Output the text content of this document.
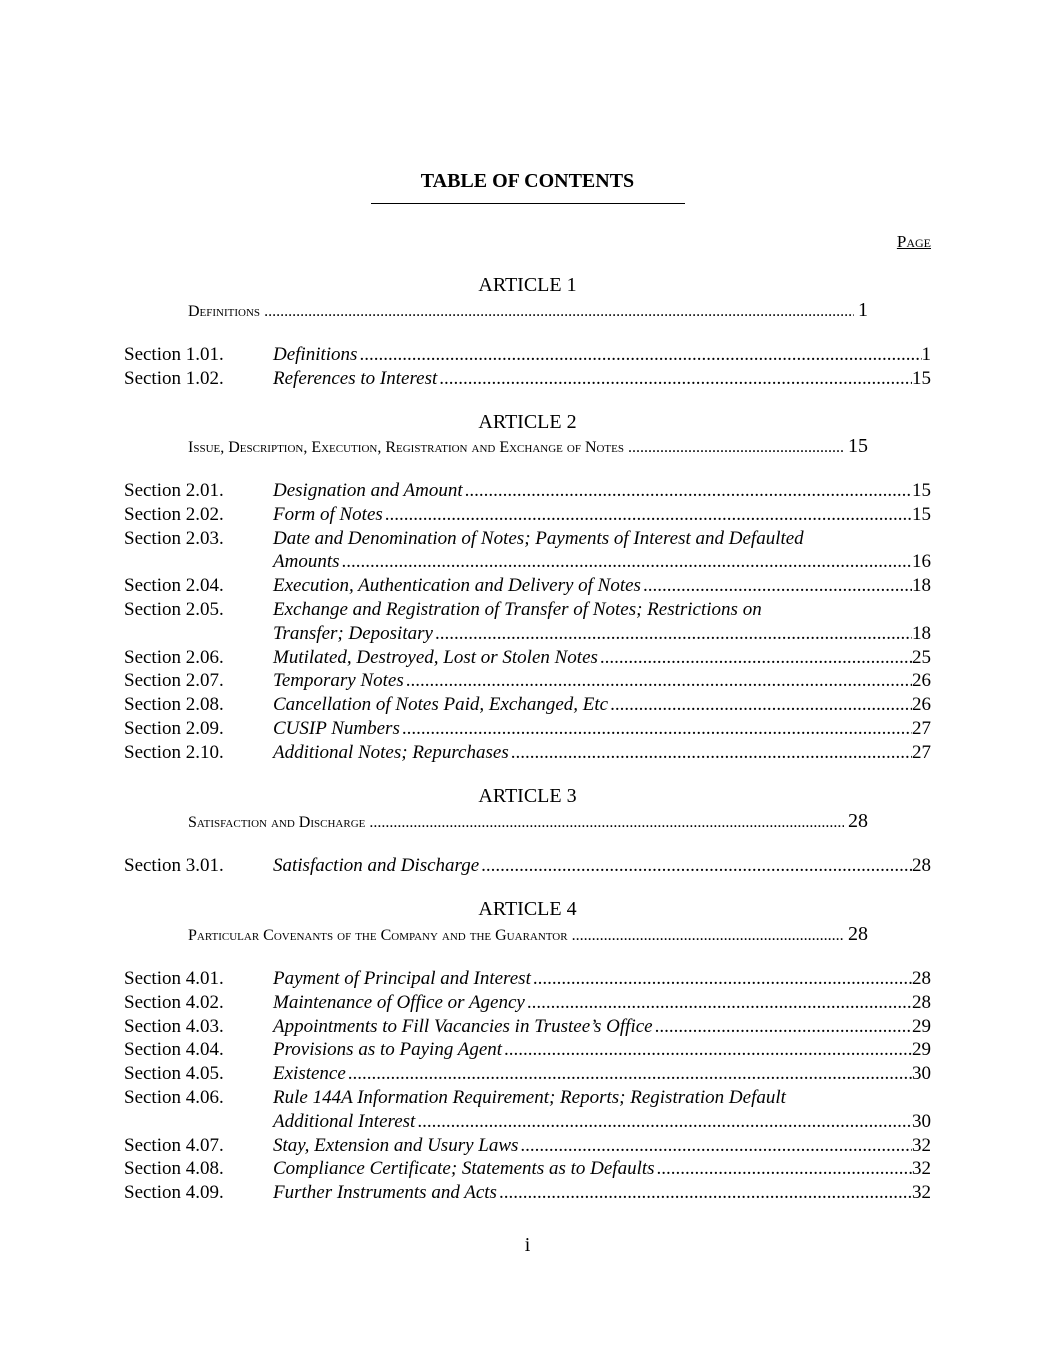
TABLE OF CONTENTS
Page
ARTICLE 1
Definitions .....	1
Section 1.01.	Definitions .....	1
Section 1.02.	References to Interest .....	15
ARTICLE 2
Issue, Description, Execution, Registration and Exchange of Notes .....	15
Section 2.01.	Designation and Amount .....	15
Section 2.02.	Form of Notes .....	15
Section 2.03.	Date and Denomination of Notes; Payments of Interest and Defaulted
Amounts .....	16
Section 2.04.	Execution, Authentication and Delivery of Notes .....	18
Section 2.05.	Exchange and Registration of Transfer of Notes; Restrictions on
Transfer; Depositary .....	18
Section 2.06.	Mutilated, Destroyed, Lost or Stolen Notes .....	25
Section 2.07.	Temporary Notes .....	26
Section 2.08.	Cancellation of Notes Paid, Exchanged, Etc .....	26
Section 2.09.	CUSIP Numbers .....	27
Section 2.10.	Additional Notes; Repurchases .....	27
ARTICLE 3
Satisfaction and Discharge .....	28
Section 3.01.	Satisfaction and Discharge .....	28
ARTICLE 4
Particular Covenants of the Company and the Guarantor .....	28
Section 4.01.	Payment of Principal and Interest .....	28
Section 4.02.	Maintenance of Office or Agency .....	28
Section 4.03.	Appointments to Fill Vacancies in Trustee’s Office .....	29
Section 4.04.	Provisions as to Paying Agent .....	29
Section 4.05.	Existence .....	30
Section 4.06.	Rule 144A Information Requirement; Reports; Registration Default
Additional Interest .....	30
Section 4.07.	Stay, Extension and Usury Laws .....	32
Section 4.08.	Compliance Certificate; Statements as to Defaults .....	32
Section 4.09.	Further Instruments and Acts .....	32
i
